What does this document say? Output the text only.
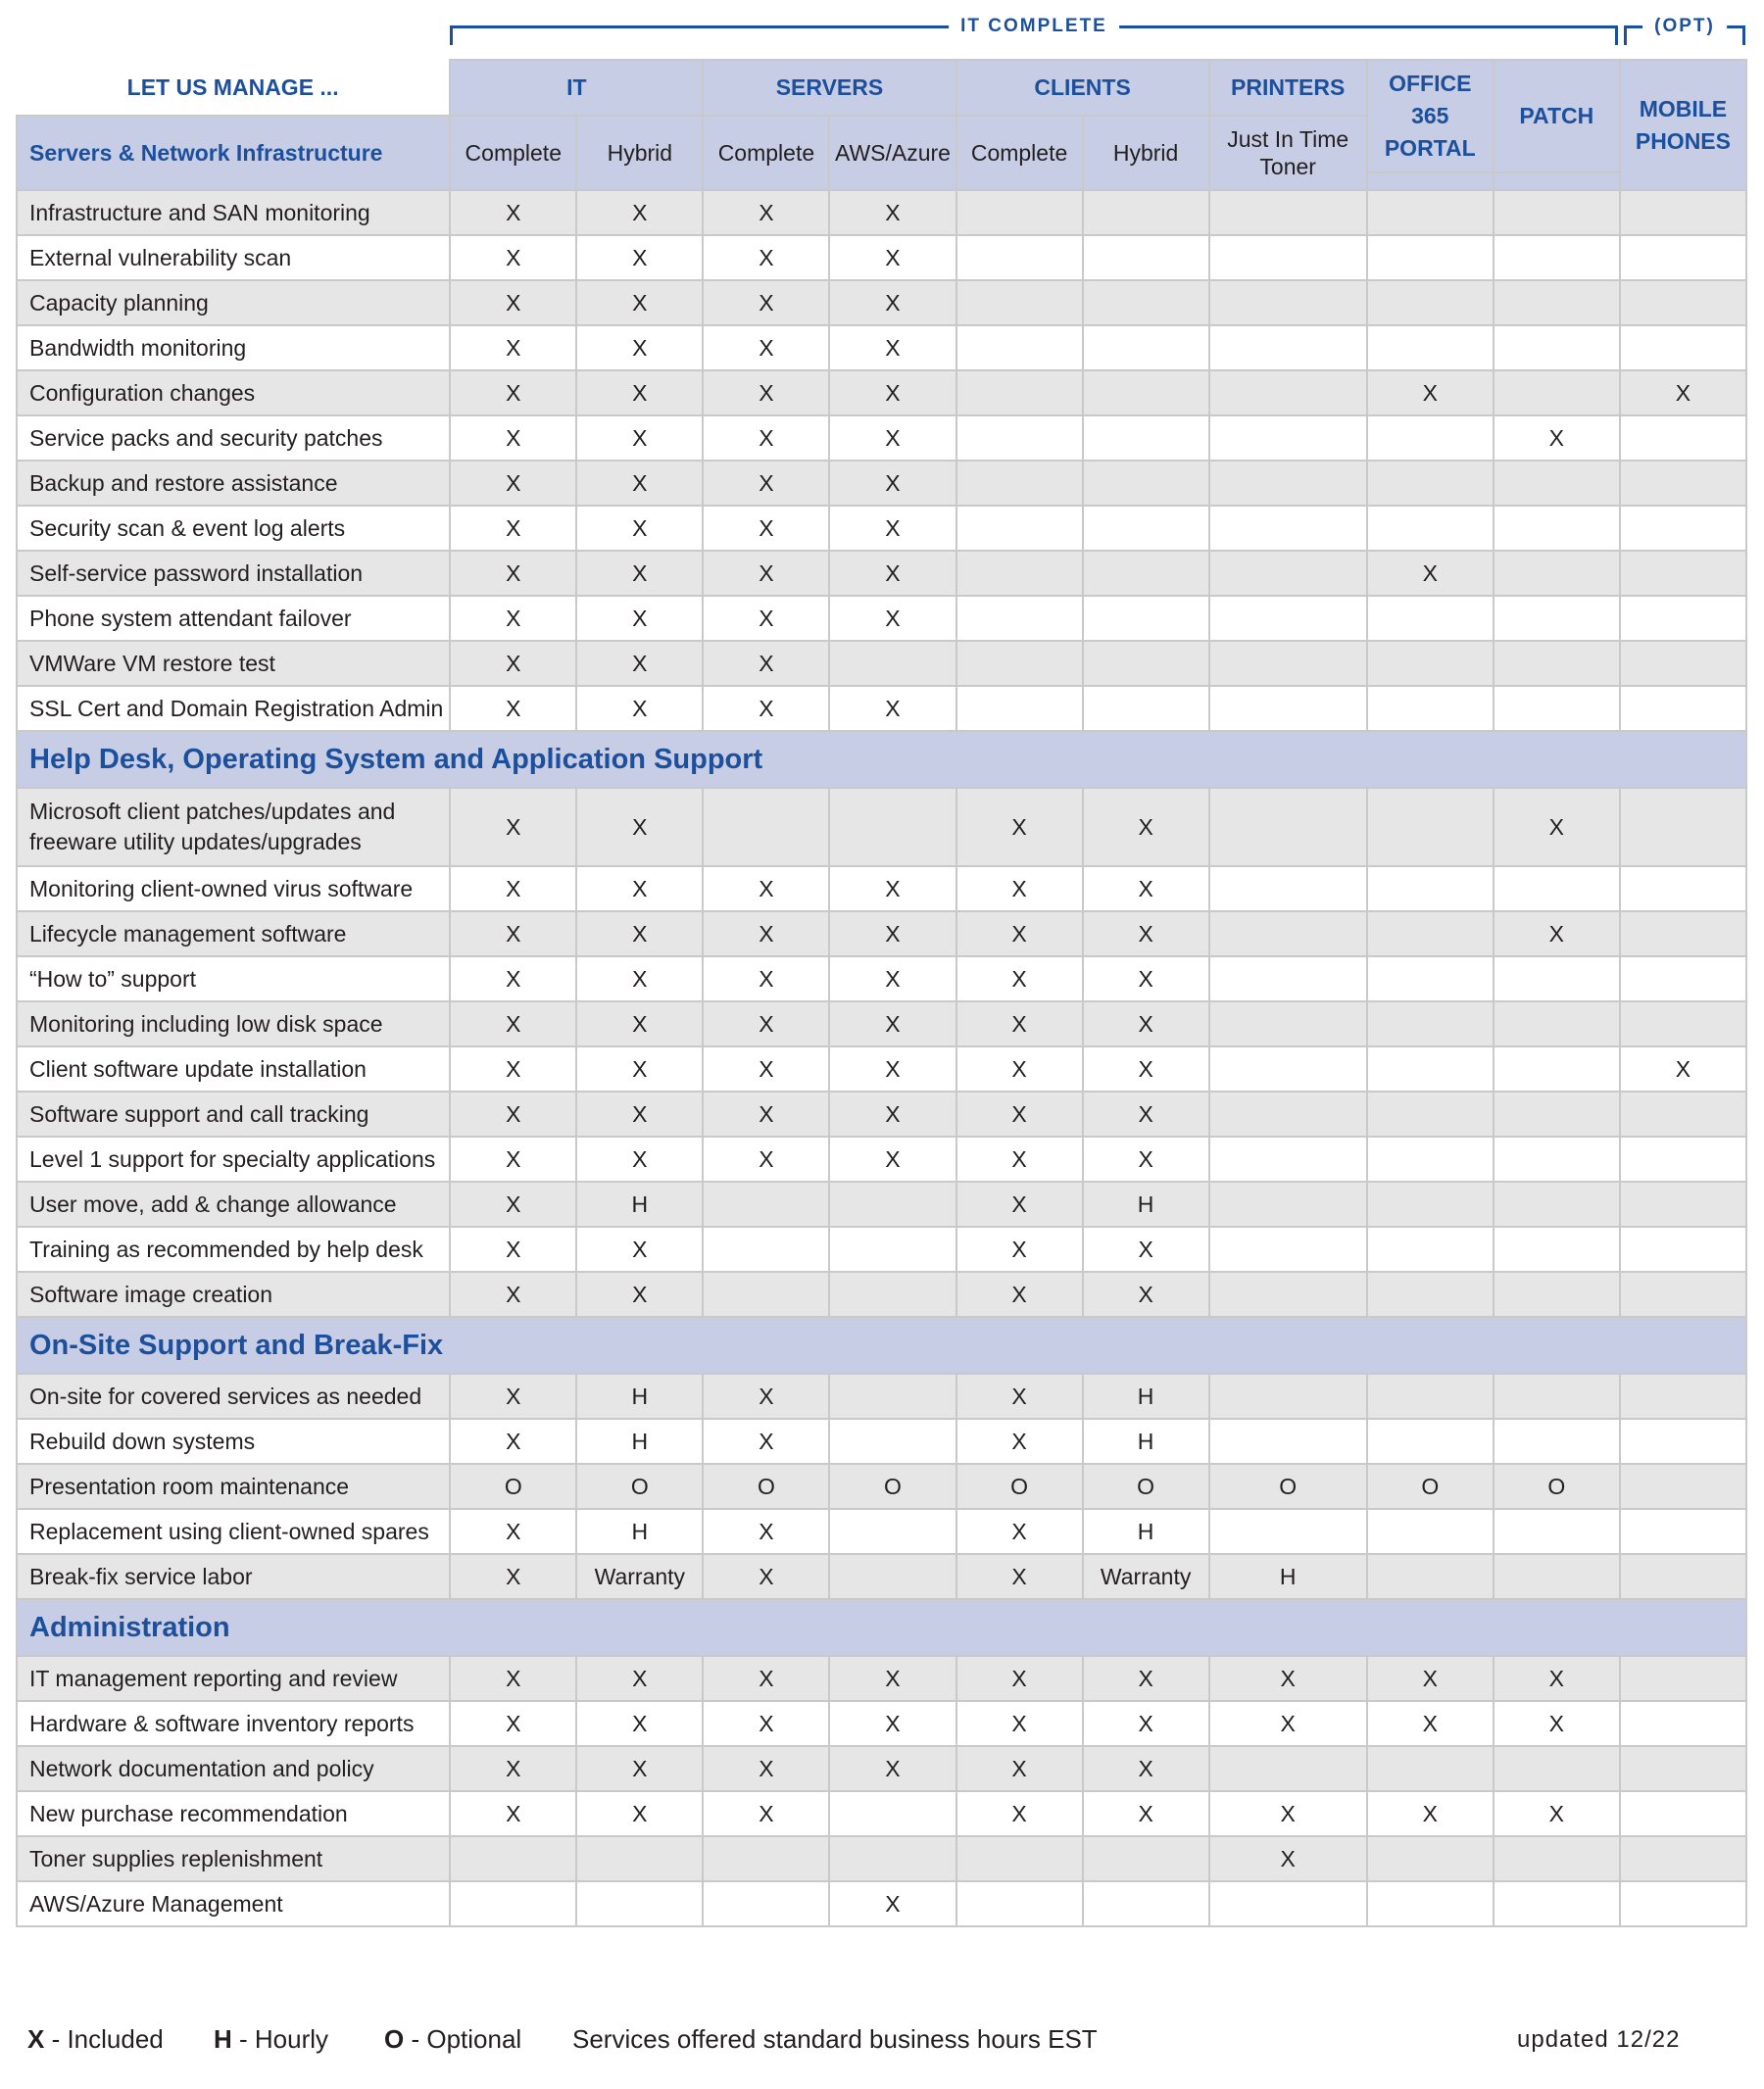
IT COMPLETE	(OPT)
LET US MANAGE ...	IT		SERVERS		CLIENTS		PRINTERS	OFFICE 365 PORTAL	PATCH	MOBILE PHONES
Servers & Network Infrastructure	Complete	Hybrid	Complete	AWS/Azure	Complete	Hybrid	Just In Time Toner			

Infrastructure and SAN monitoring	X	X	X	X						
External vulnerability scan	X	X	X	X						
Capacity planning	X	X	X	X						
Bandwidth monitoring	X	X	X	X						
Configuration changes	X	X	X	X				X		X
Service packs and security patches	X	X	X	X					X	
Backup and restore assistance	X	X	X	X						
Security scan & event log alerts	X	X	X	X						
Self-service password installation	X	X	X	X				X		
Phone system attendant failover	X	X	X	X						
VMWare VM restore test	X	X	X							
SSL Cert and Domain Registration Admin	X	X	X	X						
Help Desk, Operating System and Application Support										
Microsoft client patches/updates and freeware utility updates/upgrades	X	X			X	X			X	
Monitoring client-owned virus software	X	X	X	X	X	X				
Lifecycle management software	X	X	X	X	X	X			X	
“How to” support	X	X	X	X	X	X				
Monitoring including low disk space	X	X	X	X	X	X				
Client software update installation	X	X	X	X	X	X				X
Software support and call tracking	X	X	X	X	X	X				
Level 1 support for specialty applications	X	X	X	X	X	X				
User move, add & change allowance	X	H			X	H				
Training as recommended by help desk	X	X			X	X				
Software image creation	X	X			X	X				
On-Site Support and Break-Fix										
On-site for covered services as needed	X	H	X		X	H				
Rebuild down systems	X	H	X		X	H				
Presentation room maintenance	O	O	O	O	O	O	O	O	O	
Replacement using client-owned spares	X	H	X		X	H				
Break-fix service labor	X	Warranty	X		X	Warranty	H			
Administration										
IT management reporting and review	X	X	X	X	X	X	X	X	X	
Hardware & software inventory reports	X	X	X	X	X	X	X	X	X	
Network documentation and policy	X	X	X	X	X	X				
New purchase recommendation	X	X	X		X	X	X	X	X	
Toner supplies replenishment							X			
AWS/Azure Management				X						
X - Included H - Hourly O - Optional Services offered standard business hours EST	updated 12/22
